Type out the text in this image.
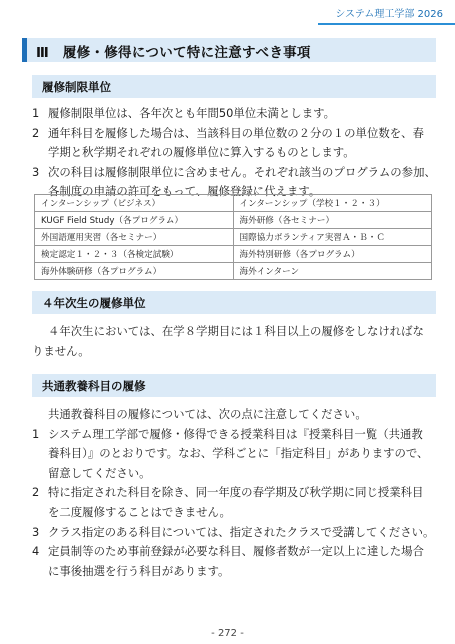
システム理工学部 2026
Ⅲ　履修・修得について特に注意すべき事項
履修制限単位
1 履修制限単位は、各年次とも年間50単位未満とします。
2 通年科目を履修した場合は、当該科目の単位数の２分の１の単位数を、春
学期と秋学期それぞれの履修単位に算入するものとします。
3 次の科目は履修制限単位に含めません。それぞれ該当のプログラムの参加、
各制度の申請の許可をもって、履修登録に代えます。
インターンシップ（ビジネス）	インターンシップ（学校１・２・３）
KUGF Field Study（各プログラム）	海外研修（各セミナー）
外国語運用実習（各セミナー）	国際協力ボランティア実習Ａ・Ｂ・Ｃ
検定認定１・２・３（各検定試験）	海外特別研修（各プログラム）
海外体験研修（各プログラム）	海外インターン
４年次生の履修単位
４年次生においては、在学８学期目には１科目以上の履修をしなければな
りません。
共通教養科目の履修
共通教養科目の履修については、次の点に注意してください。
1 システム理工学部で履修・修得できる授業科目は『授業科目一覧（共通教
養科目）』のとおりです。なお、学科ごとに「指定科目」がありますので、
留意してください。
2 特に指定された科目を除き、同一年度の春学期及び秋学期に同じ授業科目
を二度履修することはできません。
3 クラス指定のある科目については、指定されたクラスで受講してください。
4 定員制等のため事前登録が必要な科目、履修者数が一定以上に達した場合
に事後抽選を行う科目があります。
- 272 -
